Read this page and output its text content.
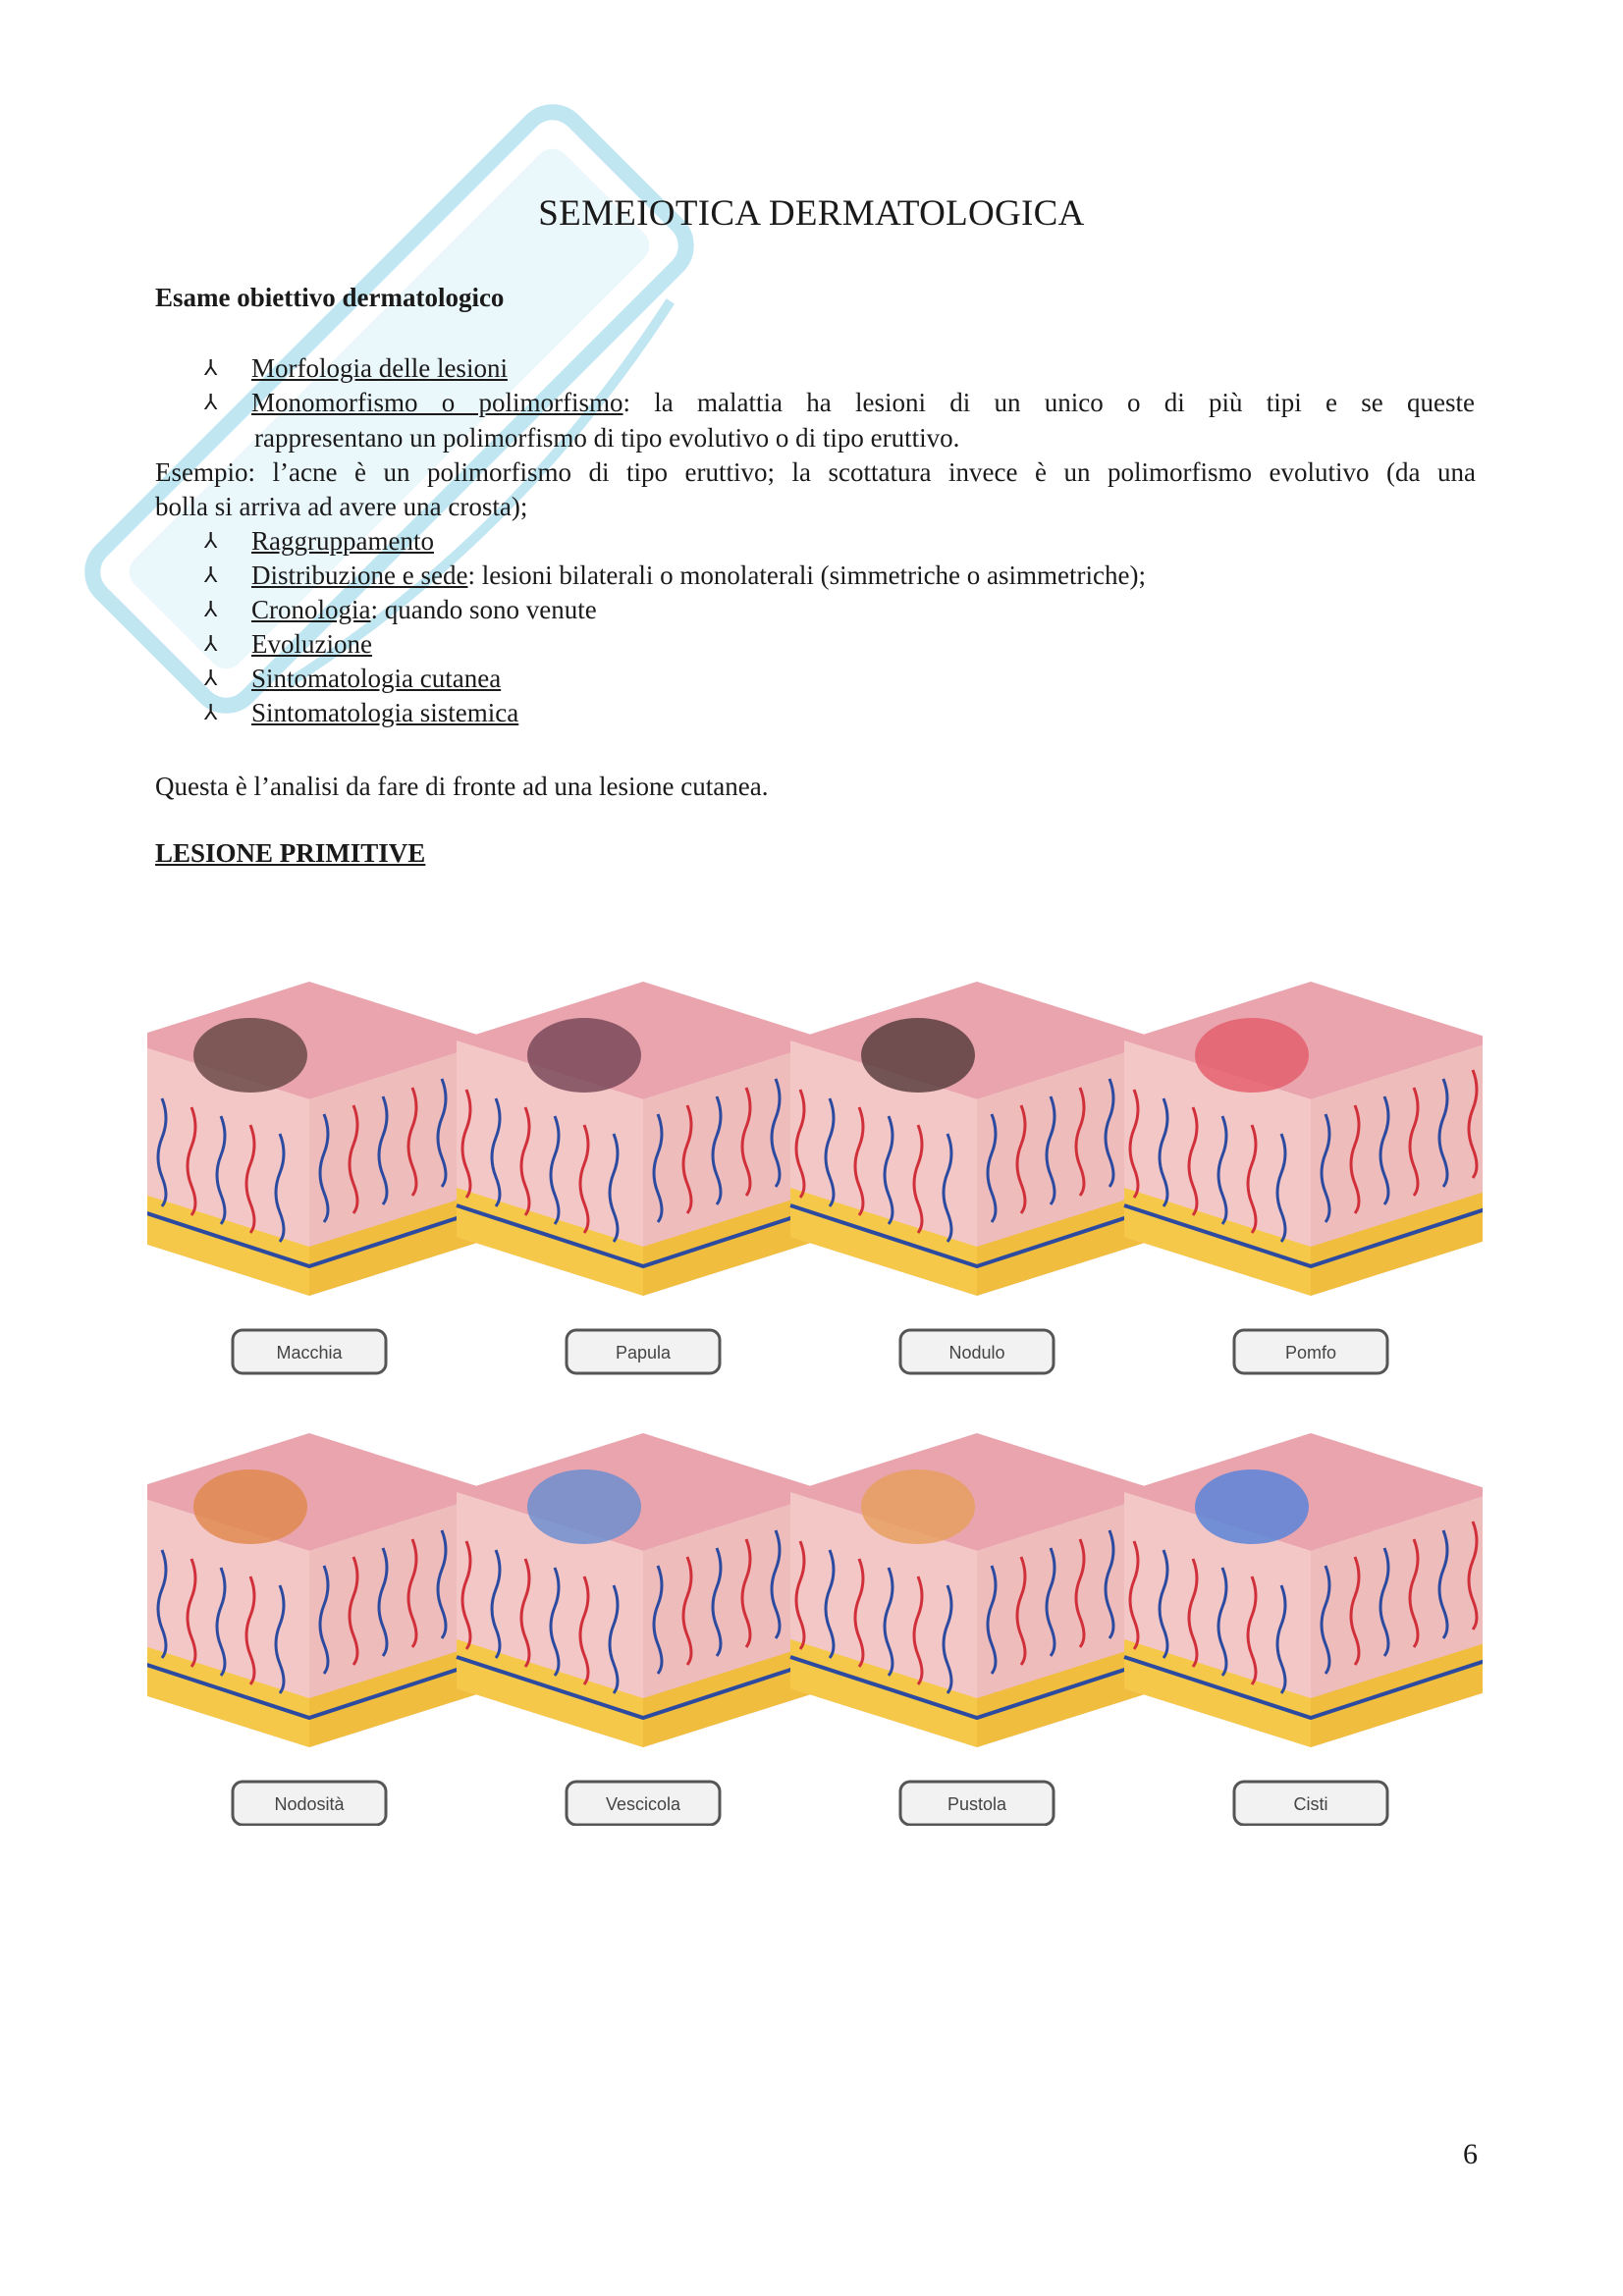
SEMEIOTICA DERMATOLOGICA
Esame obiettivo dermatologico
⅄ Morfologia delle lesioni
⅄ Monomorfismo o polimorfismo: la malattia ha lesioni di un unico o di più tipi e se queste
rappresentano un polimorfismo di tipo evolutivo o di tipo eruttivo.
Esempio: l’acne è un polimorfismo di tipo eruttivo; la scottatura invece è un polimorfismo evolutivo (da una
bolla si arriva ad avere una crosta);
⅄ Raggruppamento
⅄ Distribuzione e sede: lesioni bilaterali o monolaterali (simmetriche o asimmetriche);
⅄ Cronologia: quando sono venute
⅄ Evoluzione
⅄ Sintomatologia cutanea
⅄ Sintomatologia sistemica
Questa è l’analisi da fare di fronte ad una lesione cutanea.
LESIONE PRIMITIVE
Macchia	Papula	Nodulo	Pomfo
Nodosità	Vescicola	Pustola	Cisti
6
